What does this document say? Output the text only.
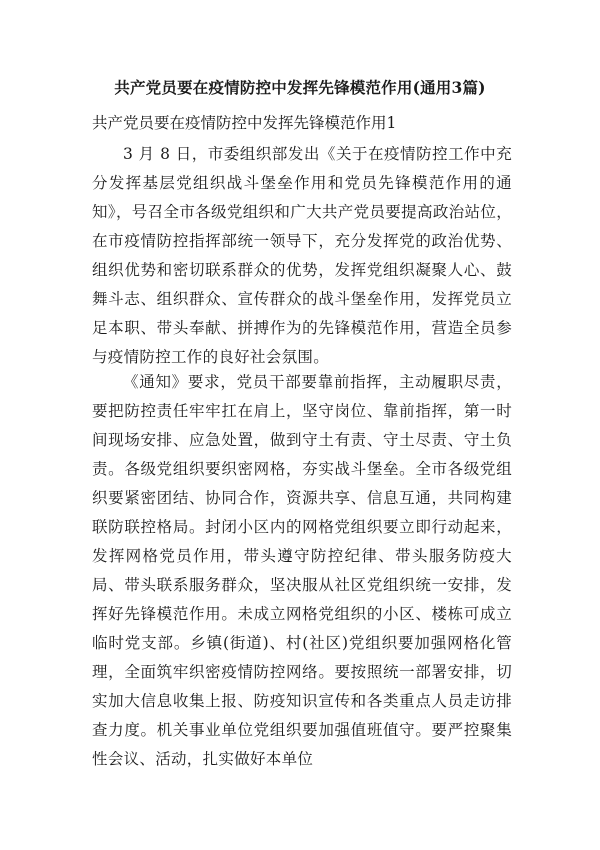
共产党员要在疫情防控中发挥先锋模范作用(通用3篇)

共产党员要在疫情防控中发挥先锋模范作用1

3 月 8 日，市委组织部发出《关于在疫情防控工作中充分发挥基层党组织战斗堡垒作用和党员先锋模范作用的通知》，号召全市各级党组织和广大共产党员要提高政治站位，在市疫情防控指挥部统一领导下，充分发挥党的政治优势、组织优势和密切联系群众的优势，发挥党组织凝聚人心、鼓舞斗志、组织群众、宣传群众的战斗堡垒作用，发挥党员立足本职、带头奉献、拼搏作为的先锋模范作用，营造全员参与疫情防控工作的良好社会氛围。

《通知》要求，党员干部要靠前指挥，主动履职尽责，要把防控责任牢牢扛在肩上，坚守岗位、靠前指挥，第一时间现场安排、应急处置，做到守土有责、守土尽责、守土负责。各级党组织要织密网格，夯实战斗堡垒。全市各级党组织要紧密团结、协同合作，资源共享、信息互通，共同构建联防联控格局。封闭小区内的网格党组织要立即行动起来，发挥网格党员作用，带头遵守防控纪律、带头服务防疫大局、带头联系服务群众，坚决服从社区党组织统一安排，发挥好先锋模范作用。未成立网格党组织的小区、楼栋可成立临时党支部。乡镇(街道)、村(社区)党组织要加强网格化管理，全面筑牢织密疫情防控网络。要按照统一部署安排，切实加大信息收集上报、防疫知识宣传和各类重点人员走访排查力度。机关事业单位党组织要加强值班值守。要严控聚集性会议、活动，扎实做好本单位
